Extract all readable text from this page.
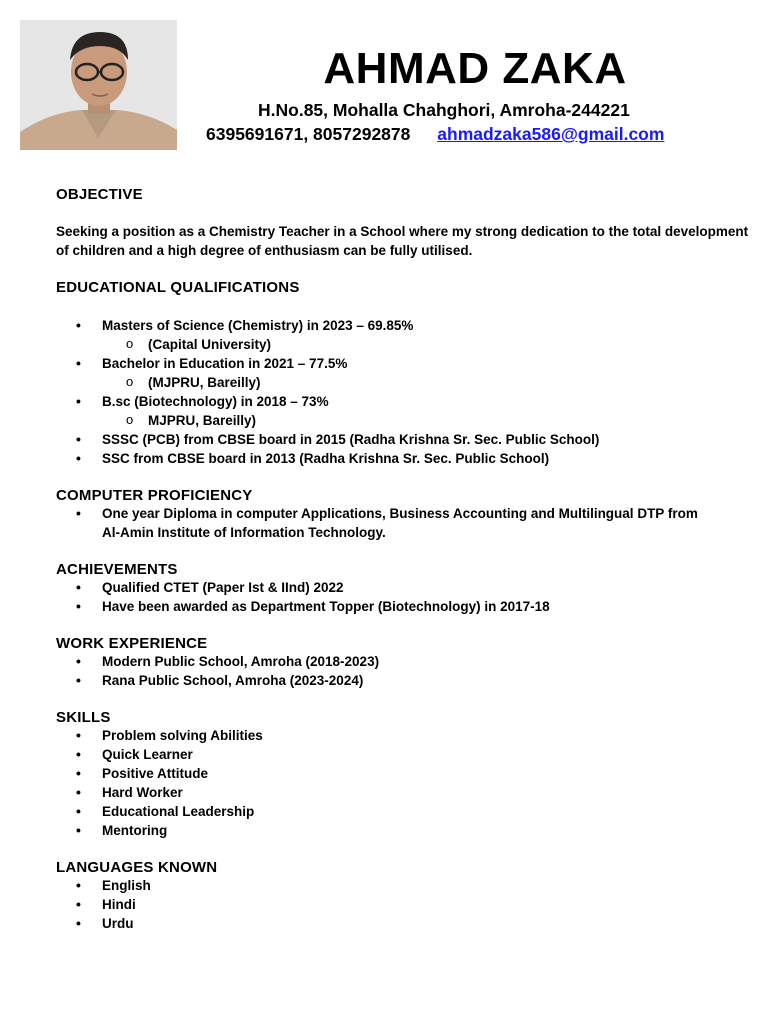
AHMAD ZAKA

H.No.85, Mohalla Chahghori, Amroha-244221

6395691671, 8057292878 ahmadzaka586@gmail.com

OBJECTIVE

Seeking a position as a Chemistry Teacher in a School where my strong dedication to the total development of children and a high degree of enthusiasm can be fully utilised.

EDUCATIONAL QUALIFICATIONS
• Masters of Science (Chemistry) in 2023 – 69.85%
o (Capital University)
• Bachelor in Education in 2021 – 77.5%
o (MJPRU, Bareilly)
• B.sc (Biotechnology) in 2018 – 73%
o MJPRU, Bareilly)
• SSSC (PCB) from CBSE board in 2015 (Radha Krishna Sr. Sec. Public School)
• SSC from CBSE board in 2013 (Radha Krishna Sr. Sec. Public School)
COMPUTER PROFICIENCY
• One year Diploma in computer Applications, Business Accounting and Multilingual DTP from Al-Amin Institute of Information Technology.
ACHIEVEMENTS
• Qualified CTET (Paper Ist & IInd) 2022
• Have been awarded as Department Topper (Biotechnology) in 2017-18
WORK EXPERIENCE
• Modern Public School, Amroha (2018-2023)
• Rana Public School, Amroha (2023-2024)
SKILLS
• Problem solving Abilities
• Quick Learner
• Positive Attitude
• Hard Worker
• Educational Leadership
• Mentoring
LANGUAGES KNOWN
• English
• Hindi
• Urdu
